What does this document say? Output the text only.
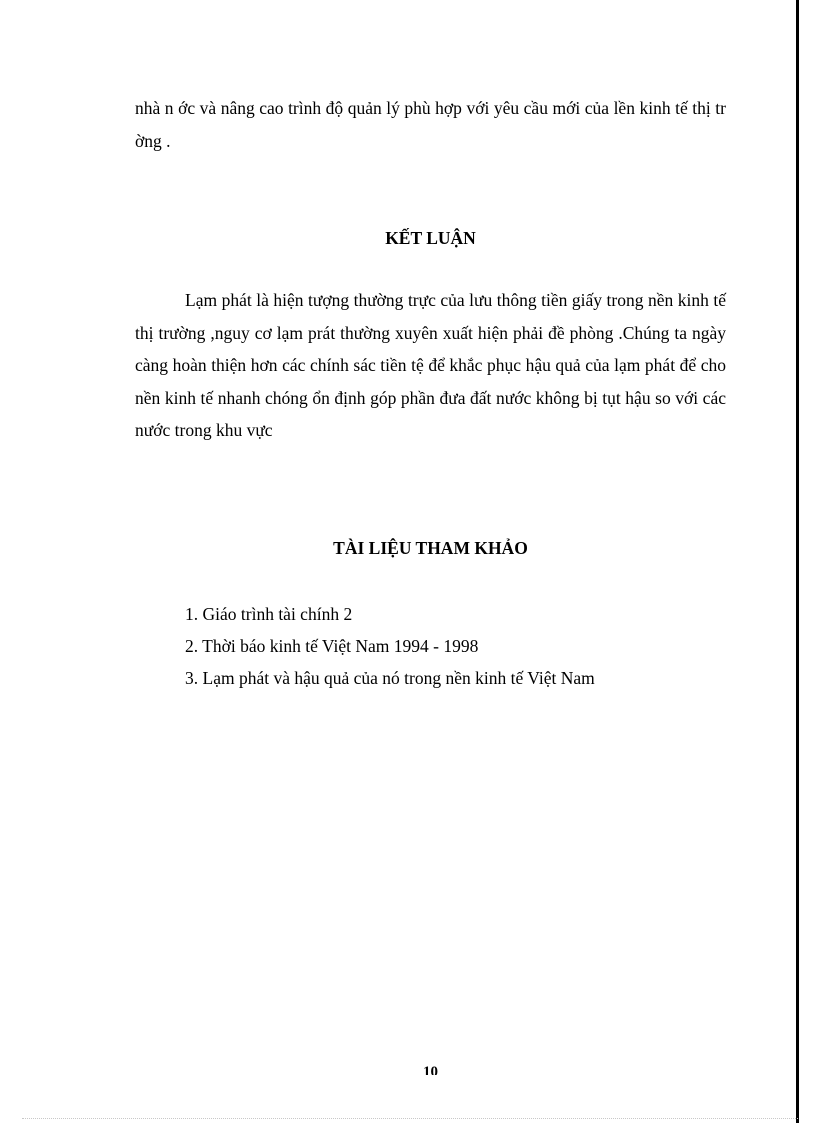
nhà n ớc và nâng cao trình độ quản lý phù hợp với yêu cầu mới của lền kinh tế thị tr ờng .

KẾT LUẬN

Lạm phát là hiện tượng thường trực của lưu thông tiền giấy trong nền kinh tế thị trường ,nguy cơ lạm prát thường xuyên xuất hiện phải đề phòng .Chúng ta ngày càng hoàn thiện hơn các chính sác tiền tệ để khắc phục hậu quả của lạm phát để cho nền kinh tế nhanh chóng ổn định góp phần đưa đất nước không bị tụt hậu so với các nước trong khu vực

TÀI LIỆU THAM KHẢO
1. Giáo trình tài chính 2
2. Thời báo kinh tế Việt Nam 1994 - 1998
3. Lạm phát và hậu quả của nó trong nền kinh tế Việt Nam
10
